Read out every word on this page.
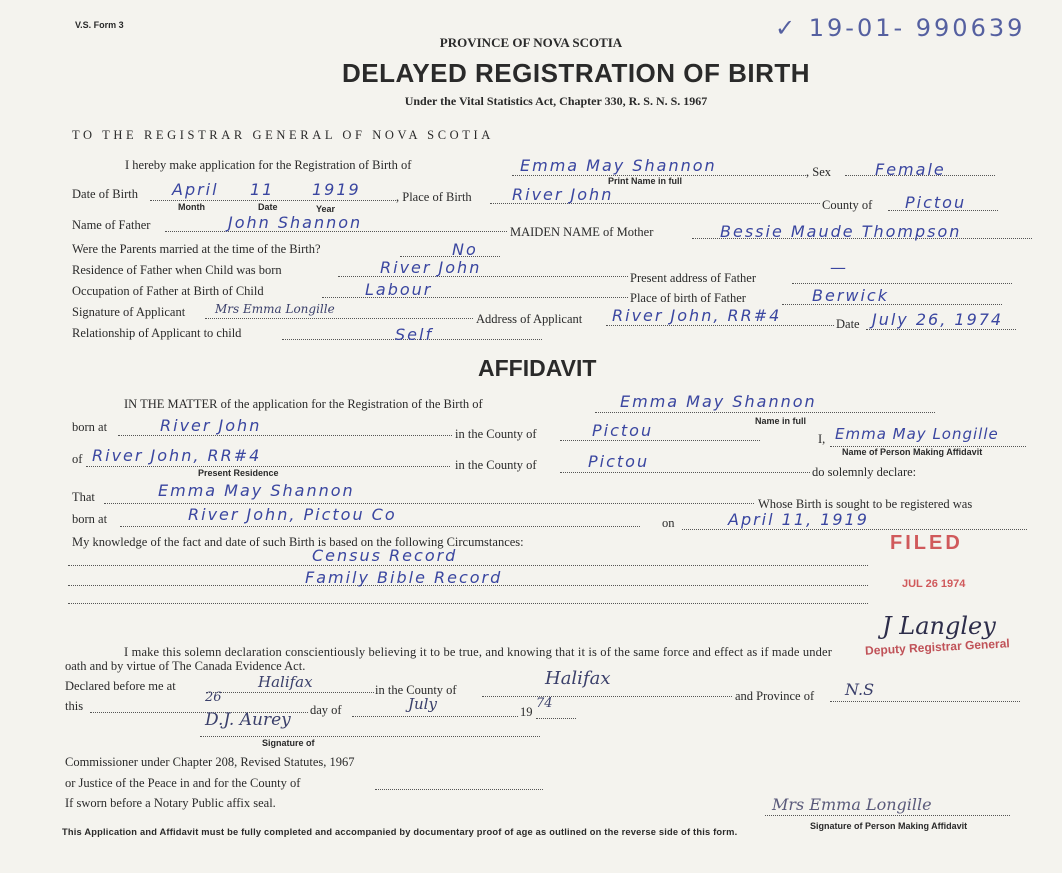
V.S. Form 3	✓ 19-01- 990639
PROVINCE OF NOVA SCOTIA
DELAYED REGISTRATION OF BIRTH
Under the Vital Statistics Act, Chapter 330, R. S. N. S. 1967
TO THE REGISTRAR GENERAL OF NOVA SCOTIA
I hereby make application for the Registration of Birth of	Emma May Shannon	, Sex	Female
Print Name in full
Date of Birth April 11 1919
Month	Date	Year
, Place of Birth	River John
County of Pictou
Name of Father	John Shannon	MAIDEN NAME of Mother	Bessie Maude Thompson
Were the Parents married at the time of the Birth?	No
Residence of Father when Child was born	River John
Present address of Father
—
Occupation of Father at Birth of Child	Labour	Place of birth of Father	Berwick
Signature of Applicant Mrs Emma Longille
Address of Applicant River John, RR#4	Date July 26, 1974
Relationship of Applicant to child	Self
AFFIDAVIT
IN THE MATTER of the application for the Registration of the Birth of	Emma May Shannon
Name in full
born at	River John	in the County of	Pictou	I, Emma May Longille
Name of Person Making Affidavit
of River John, RR#4
Present Residence
in the County of	Pictou
do solemnly declare:
That	Emma May Shannon
Whose Birth is sought to be registered was
born at	River John, Pictou Co	on	April 11, 1919
My knowledge of the fact and date of such Birth is based on the following Circumstances:
Census Record
Family Bible Record
FILED
JUL 26 1974
J Langley
Deputy Registrar General
I make this solemn declaration conscientiously believing it to be true, and knowing that it is of the same force and effect as if made under
oath and by virtue of The Canada Evidence Act.
Declared before me at	Halifax	in the County of
Halifax
and Province of N.S
this
26
day of	July	19
74
D.J. Aurey
Signature of
Commissioner under Chapter 208, Revised Statutes, 1967
or Justice of the Peace in and for the County of
If sworn before a Notary Public affix seal.	Mrs Emma Longille
Signature of Person Making Affidavit
This Application and Affidavit must be fully completed and accompanied by documentary proof of age as outlined on the reverse side of this form.
